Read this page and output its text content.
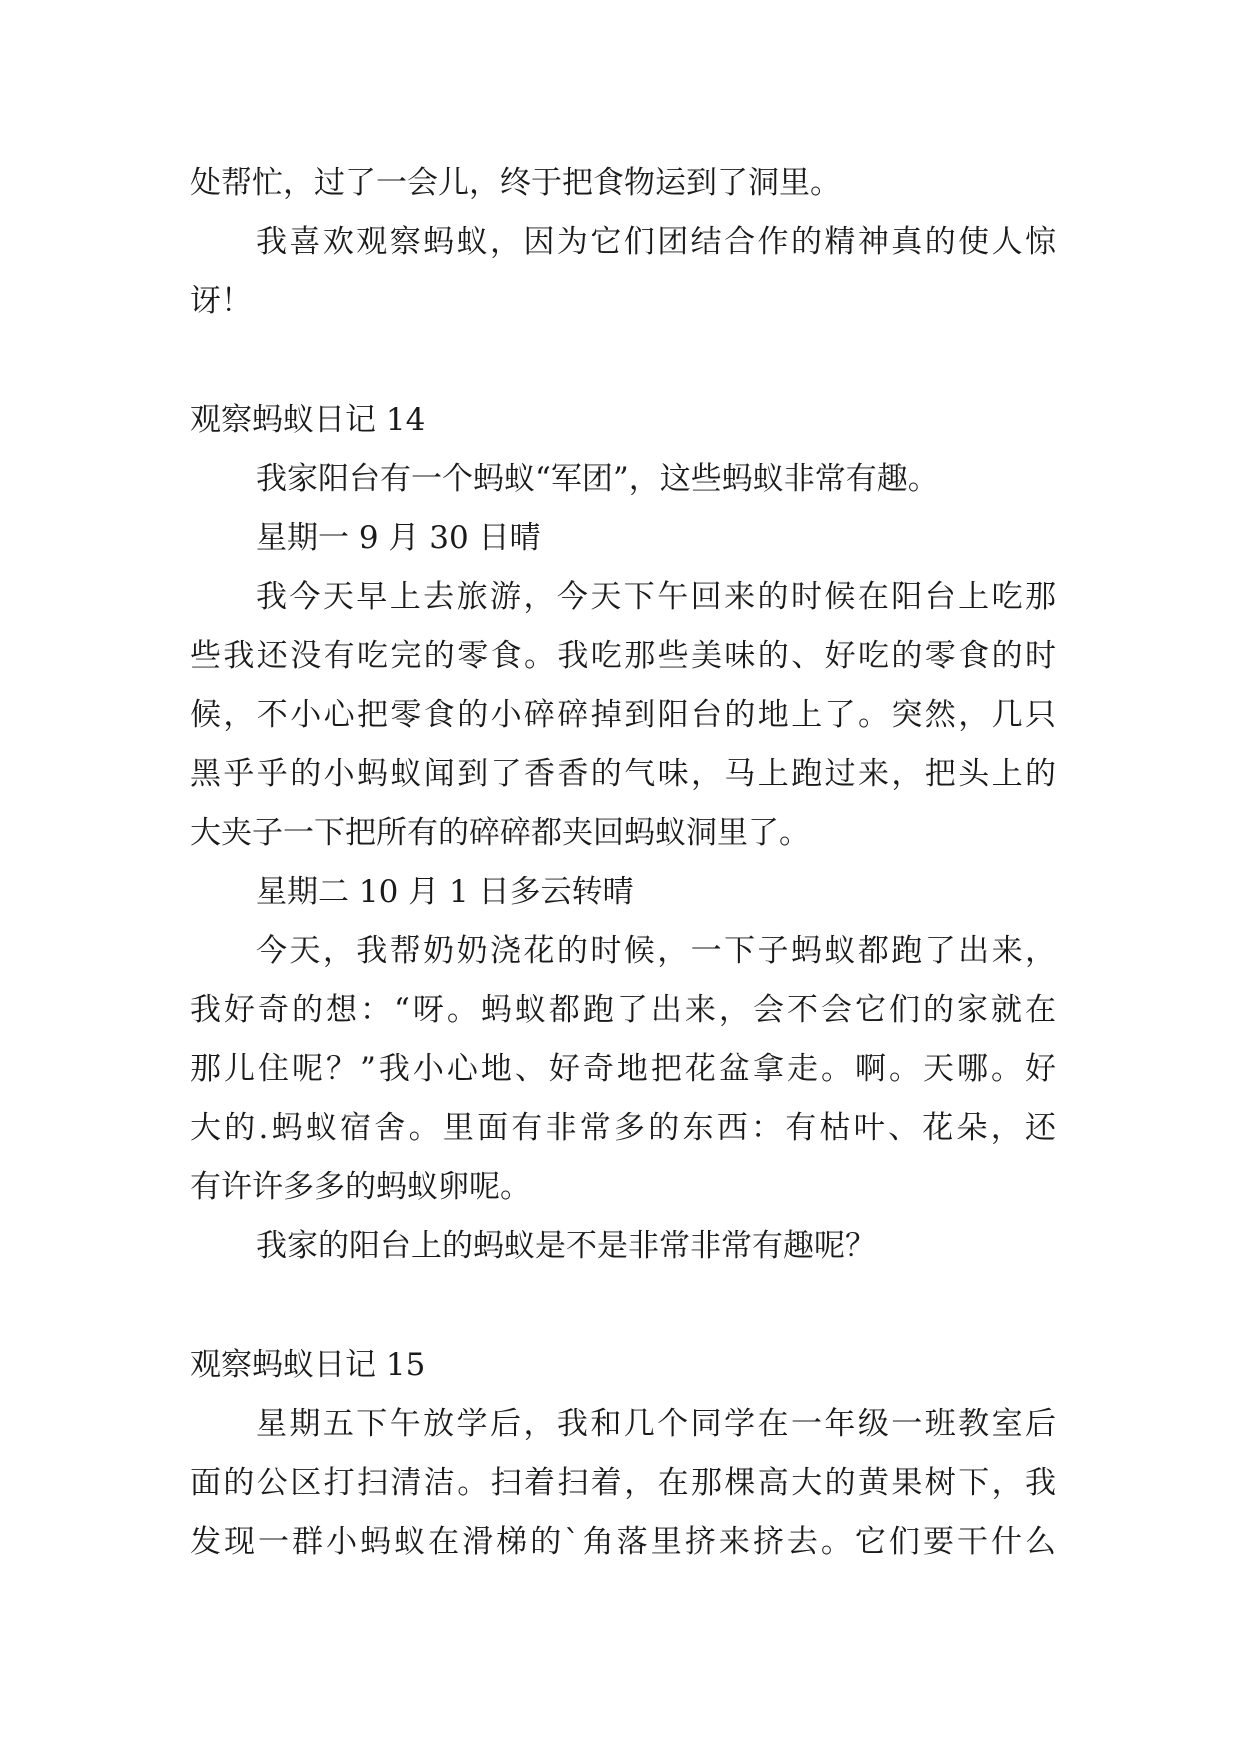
处帮忙，过了一会儿，终于把食物运到了洞里。
我喜欢观察蚂蚁，因为它们团结合作的精神真的使人惊
讶！
观察蚂蚁日记 14
我家阳台有一个蚂蚁“军团”，这些蚂蚁非常有趣。
星期一 9 月 30 日晴
我今天早上去旅游，今天下午回来的时候在阳台上吃那
些我还没有吃完的零食。我吃那些美味的、好吃的零食的时
候，不小心把零食的小碎碎掉到阳台的地上了。突然，几只
黑乎乎的小蚂蚁闻到了香香的气味，马上跑过来，把头上的
大夹子一下把所有的碎碎都夹回蚂蚁洞里了。
星期二 10 月 1 日多云转晴
今天，我帮奶奶浇花的时候，一下子蚂蚁都跑了出来，
我好奇的想：“呀。蚂蚁都跑了出来，会不会它们的家就在
那儿住呢？”我小心地、好奇地把花盆拿走。啊。天哪。好
大的.蚂蚁宿舍。里面有非常多的东西：有枯叶、花朵，还
有许许多多的蚂蚁卵呢。
我家的阳台上的蚂蚁是不是非常非常有趣呢？
观察蚂蚁日记 15
星期五下午放学后，我和几个同学在一年级一班教室后
面的公区打扫清洁。扫着扫着，在那棵高大的黄果树下，我
发现一群小蚂蚁在滑梯的`角落里挤来挤去。它们要干什么
